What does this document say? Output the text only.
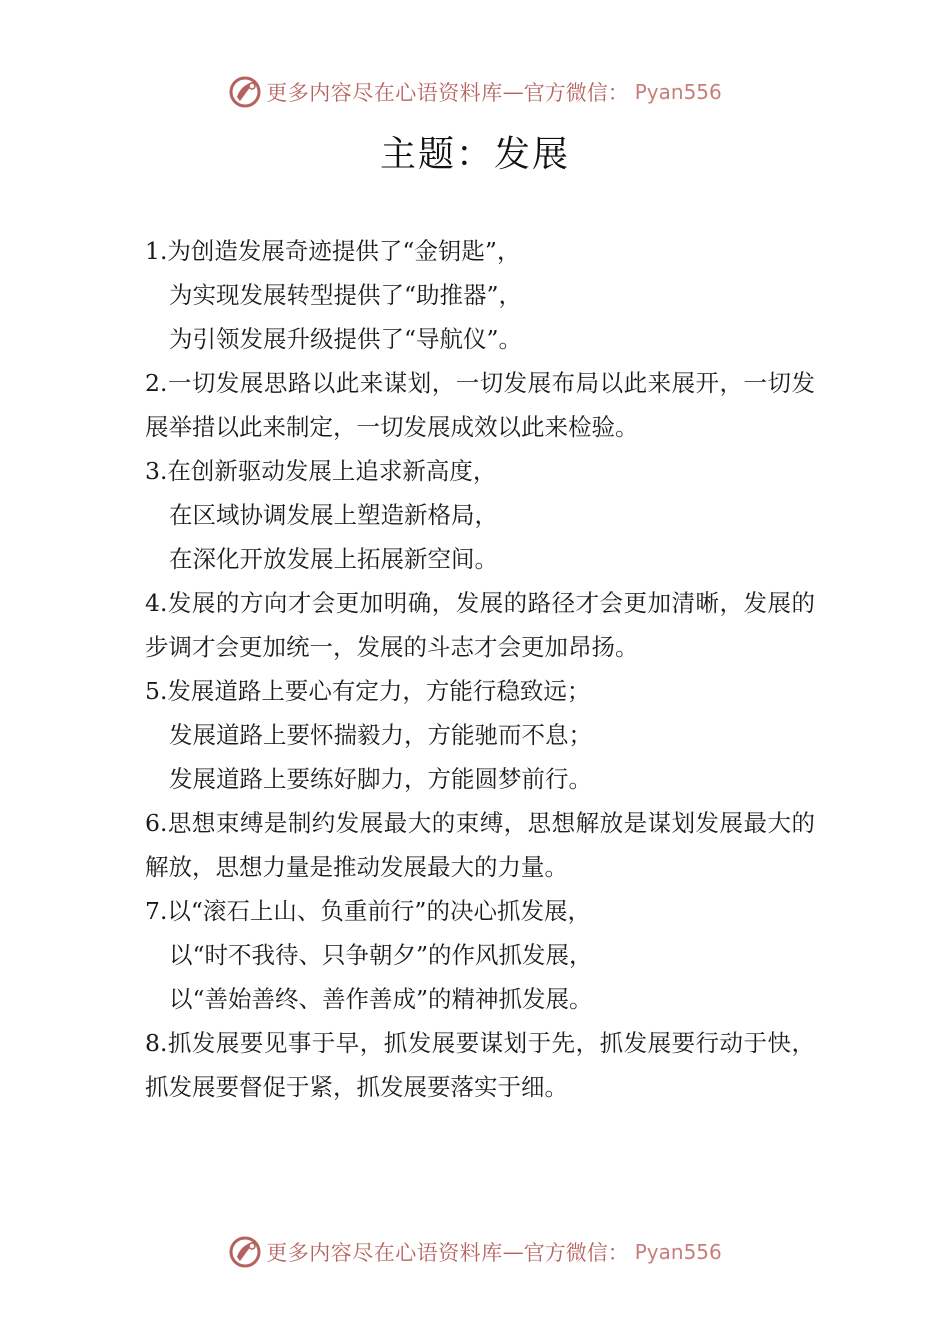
更多内容尽在心语资料库 — 官方微信： Pyan556
主题：发展

1.为创造发展奇迹提供了“金钥匙”，
为实现发展转型提供了“助推器”，
为引领发展升级提供了“导航仪”。

2.一切发展思路以此来谋划，一切发展布局以此来展开，一切发展举措以此来制定，一切发展成效以此来检验。

3.在创新驱动发展上追求新高度，
在区域协调发展上塑造新格局，
在深化开放发展上拓展新空间。

4.发展的方向才会更加明确，发展的路径才会更加清晰，发展的步调才会更加统一，发展的斗志才会更加昂扬。

5.发展道路上要心有定力，方能行稳致远；
发展道路上要怀揣毅力，方能驰而不息；
发展道路上要练好脚力，方能圆梦前行。

6.思想束缚是制约发展最大的束缚，思想解放是谋划发展最大的解放，思想力量是推动发展最大的力量。

7.以“滚石上山、负重前行”的决心抓发展，
以“时不我待、只争朝夕”的作风抓发展，
以“善始善终、善作善成”的精神抓发展。

8.抓发展要见事于早，抓发展要谋划于先，抓发展要行动于快，抓发展要督促于紧，抓发展要落实于细。

更多内容尽在心语资料库 — 官方微信： Pyan556
